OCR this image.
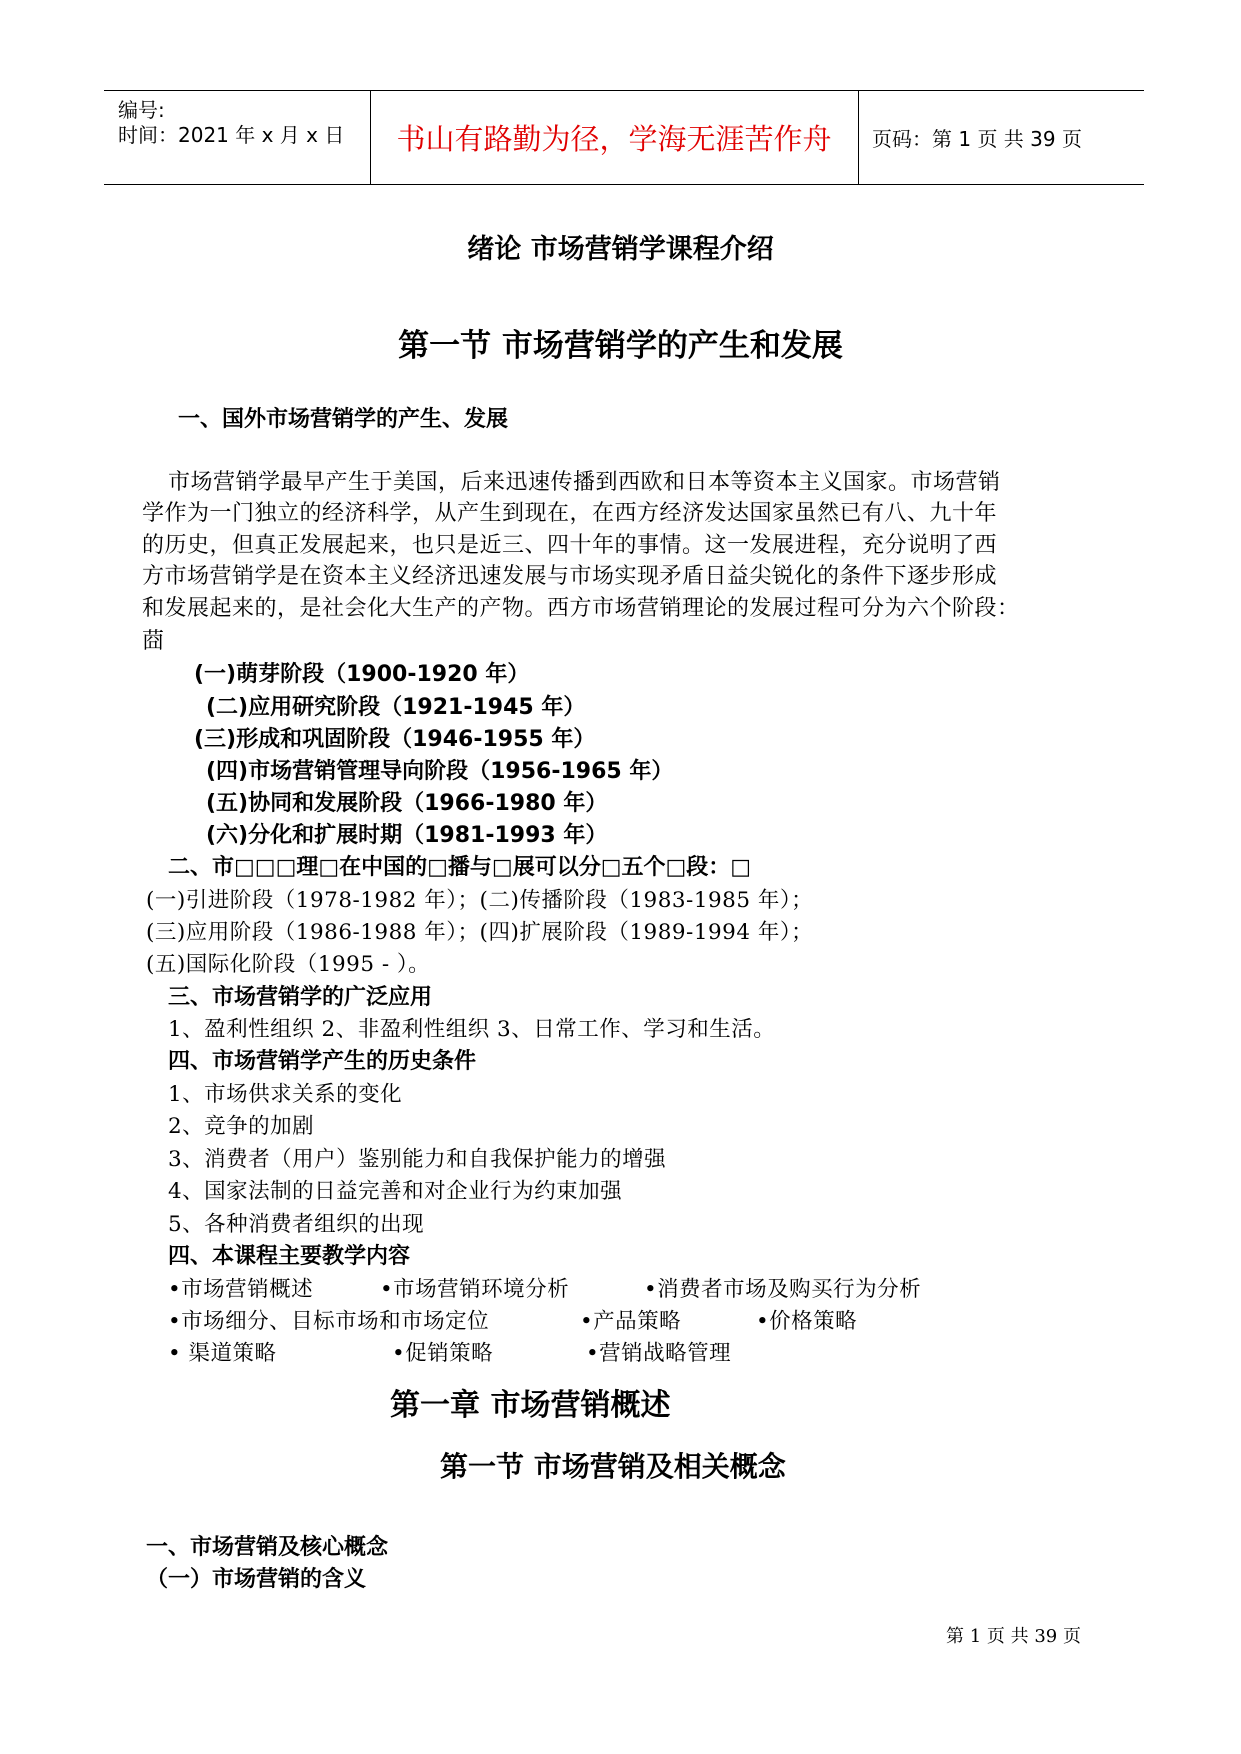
编号:
时间：2021 年 x 月 x 日	书山有路勤为径，学海无涯苦作舟	页码：第 1 页 共 39 页
绪论 市场营销学课程介绍
第一节 市场营销学的产生和发展
一、国外市场营销学的产生、发展
市场营销学最早产生于美国，后来迅速传播到西欧和日本等资本主义国家。市场营销
学作为一门独立的经济科学，从产生到现在，在西方经济发达国家虽然已有八、九十年
的历史，但真正发展起来，也只是近三、四十年的事情。这一发展进程，充分说明了西
方市场营销学是在资本主义经济迅速发展与市场实现矛盾日益尖锐化的条件下逐步形成
和发展起来的，是社会化大生产的产物。西方市场营销理论的发展过程可分为六个阶段：
莔
(一)萌芽阶段（1900-1920 年）
(二)应用研究阶段（1921-1945 年）
(三)形成和巩固阶段（1946-1955 年）
(四)市场营销管理导向阶段（1956-1965 年）
(五)协同和发展阶段（1966-1980 年）
(六)分化和扩展时期（1981-1993 年）
二、市□□□理□在中国的□播与□展可以分□五个□段：□
(一)引进阶段（1978-1982 年）；(二)传播阶段（1983-1985 年）；
(三)应用阶段（1986-1988 年）；(四)扩展阶段（1989-1994 年）；
(五)国际化阶段（1995 - ）。
三、市场营销学的广泛应用
1、盈利性组织 2、非盈利性组织 3、日常工作、学习和生活。
四、市场营销学产生的历史条件
1、市场供求关系的变化
2、竞争的加剧
3、消费者（用户）鉴别能力和自我保护能力的增强
4、国家法制的日益完善和对企业行为约束加强
5、各种消费者组织的出现
四、本课程主要教学内容
•市场营销概述	•市场营销环境分析	•消费者市场及购买行为分析
•市场细分、目标市场和市场定位	•产品策略	•价格策略
• 渠道策略	•促销策略	•营销战略管理
第一章 市场营销概述
第一节 市场营销及相关概念
一、市场营销及核心概念
（一）市场营销的含义
第 1 页 共 39 页
